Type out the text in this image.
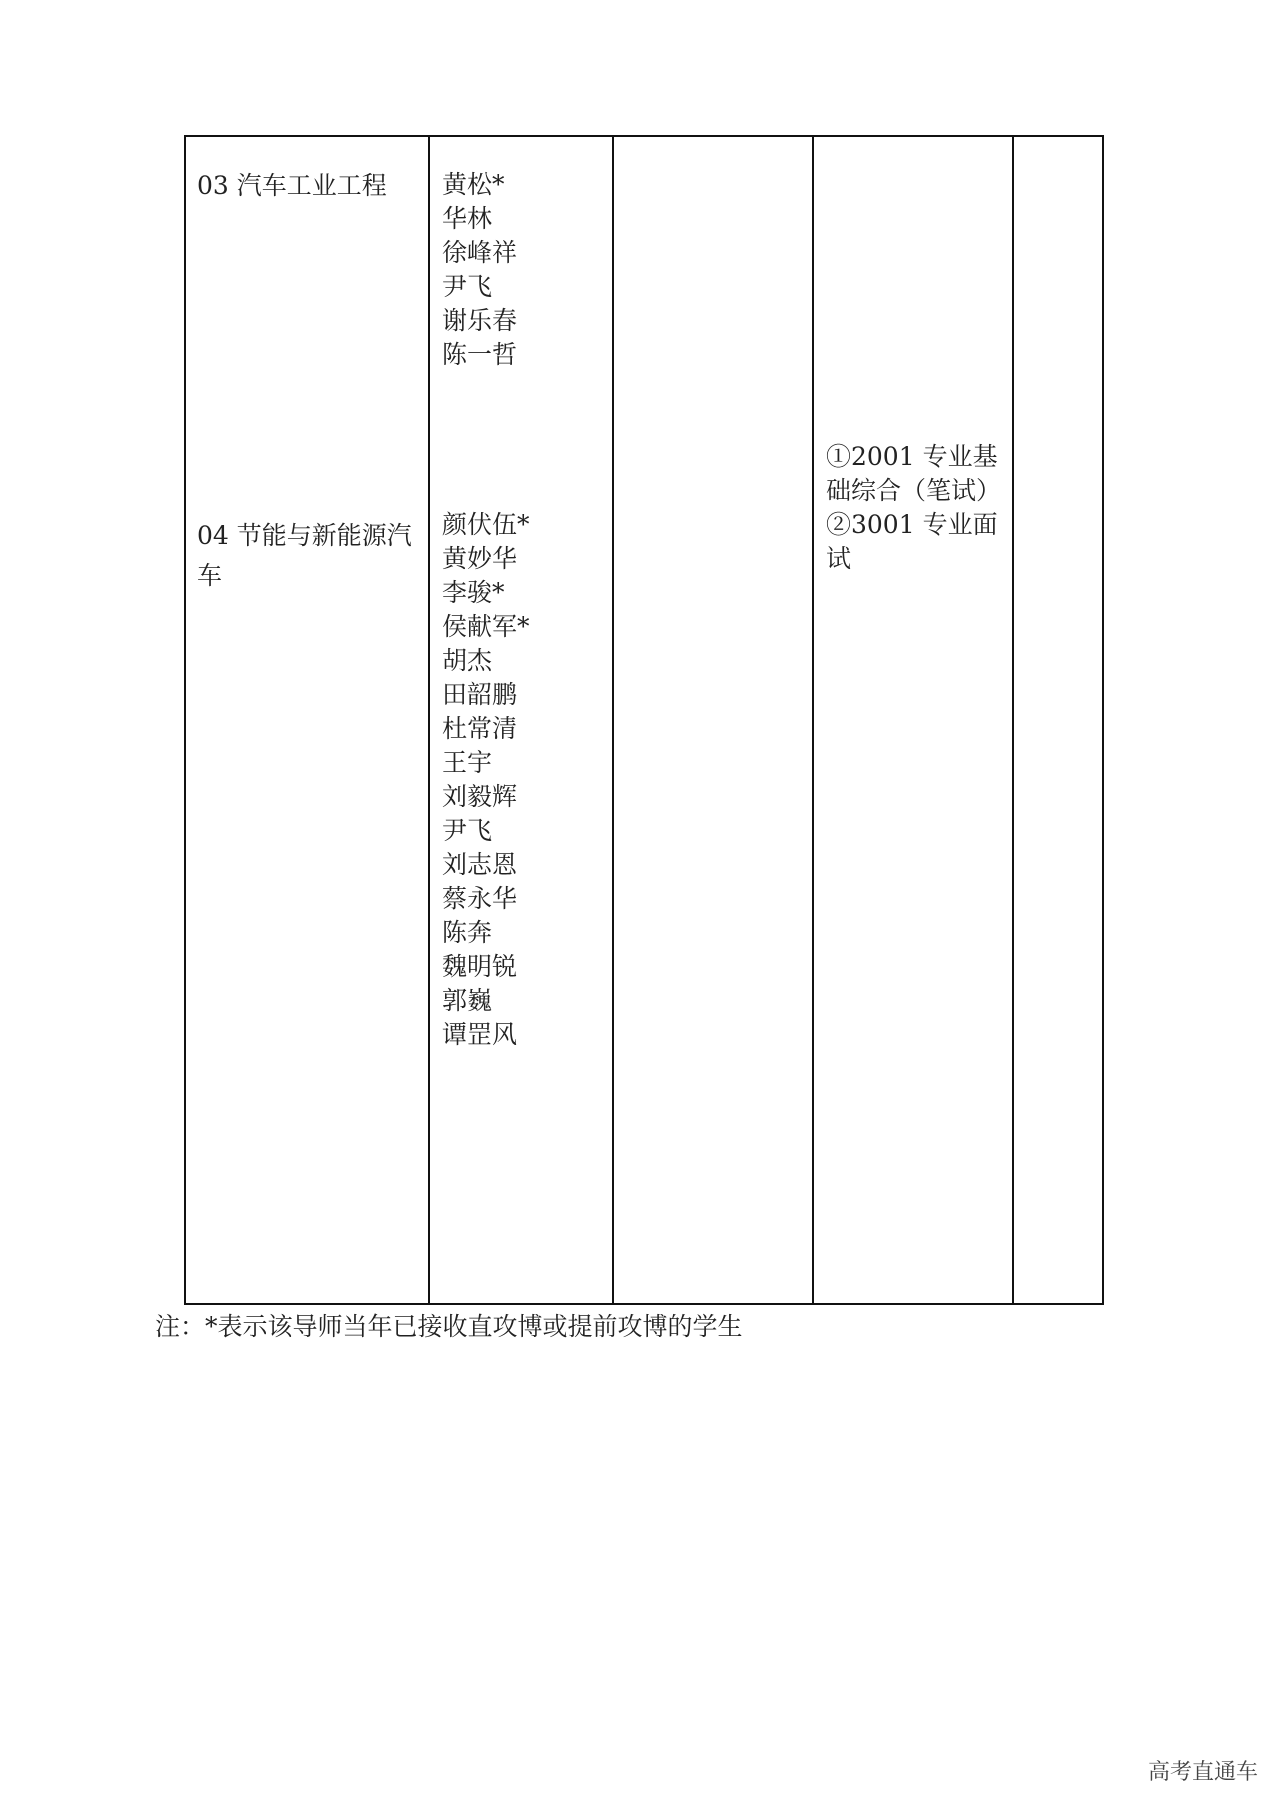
03 汽车工业工程	黄松*
华林
徐峰祥
尹飞
谢乐春
陈一哲
①2001 专业基
础综合（笔试）
②3001 专业面
试
04 节能与新能源汽
车
颜伏伍*
黄妙华
李骏*
侯献军*
胡杰
田韶鹏
杜常清
王宇
刘毅辉
尹飞
刘志恩
蔡永华
陈奔
魏明锐
郭巍
谭罡风
注：*表示该导师当年已接收直攻博或提前攻博的学生
高考直通车
